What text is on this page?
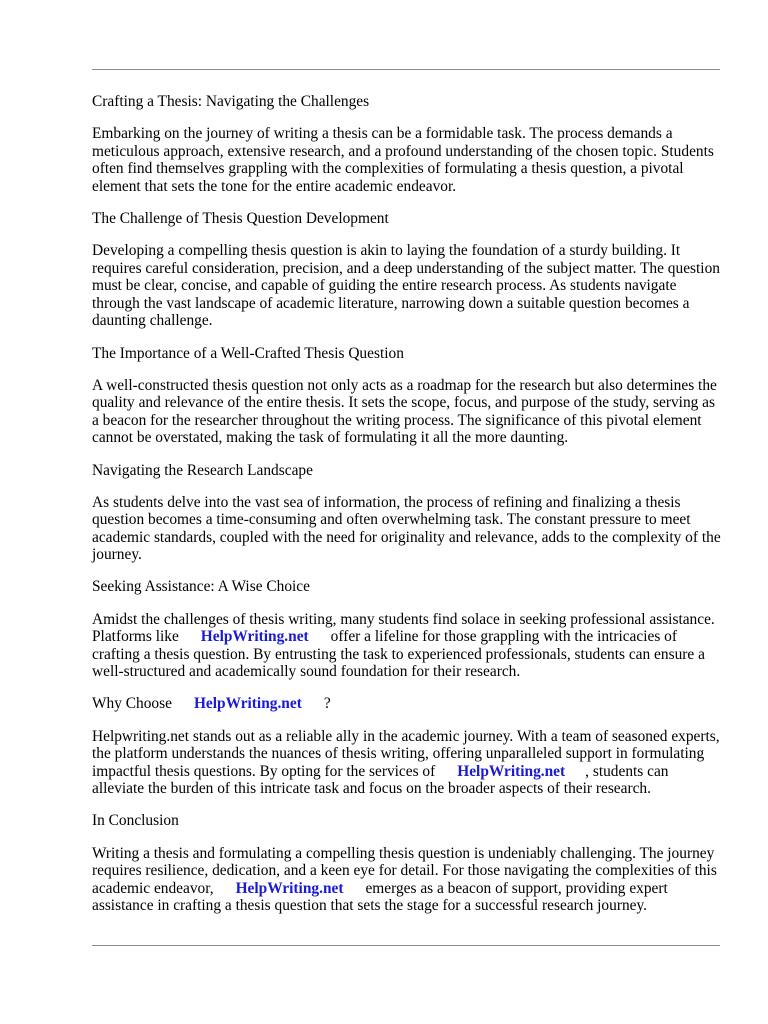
Crafting a Thesis: Navigating the Challenges
Embarking on the journey of writing a thesis can be a formidable task. The process demands a meticulous approach, extensive research, and a profound understanding of the chosen topic. Students often find themselves grappling with the complexities of formulating a thesis question, a pivotal element that sets the tone for the entire academic endeavor.
The Challenge of Thesis Question Development
Developing a compelling thesis question is akin to laying the foundation of a sturdy building. It requires careful consideration, precision, and a deep understanding of the subject matter. The question must be clear, concise, and capable of guiding the entire research process. As students navigate through the vast landscape of academic literature, narrowing down a suitable question becomes a daunting challenge.
The Importance of a Well-Crafted Thesis Question
A well-constructed thesis question not only acts as a roadmap for the research but also determines the quality and relevance of the entire thesis. It sets the scope, focus, and purpose of the study, serving as a beacon for the researcher throughout the writing process. The significance of this pivotal element cannot be overstated, making the task of formulating it all the more daunting.
Navigating the Research Landscape
As students delve into the vast sea of information, the process of refining and finalizing a thesis question becomes a time-consuming and often overwhelming task. The constant pressure to meet academic standards, coupled with the need for originality and relevance, adds to the complexity of the journey.
Seeking Assistance: A Wise Choice
Amidst the challenges of thesis writing, many students find solace in seeking professional assistance. Platforms like HelpWriting.net offer a lifeline for those grappling with the intricacies of crafting a thesis question. By entrusting the task to experienced professionals, students can ensure a well-structured and academically sound foundation for their research.
Why Choose HelpWriting.net ?
Helpwriting.net stands out as a reliable ally in the academic journey. With a team of seasoned experts, the platform understands the nuances of thesis writing, offering unparalleled support in formulating impactful thesis questions. By opting for the services of HelpWriting.net , students can alleviate the burden of this intricate task and focus on the broader aspects of their research.
In Conclusion
Writing a thesis and formulating a compelling thesis question is undeniably challenging. The journey requires resilience, dedication, and a keen eye for detail. For those navigating the complexities of this academic endeavor, HelpWriting.net emerges as a beacon of support, providing expert assistance in crafting a thesis question that sets the stage for a successful research journey.
